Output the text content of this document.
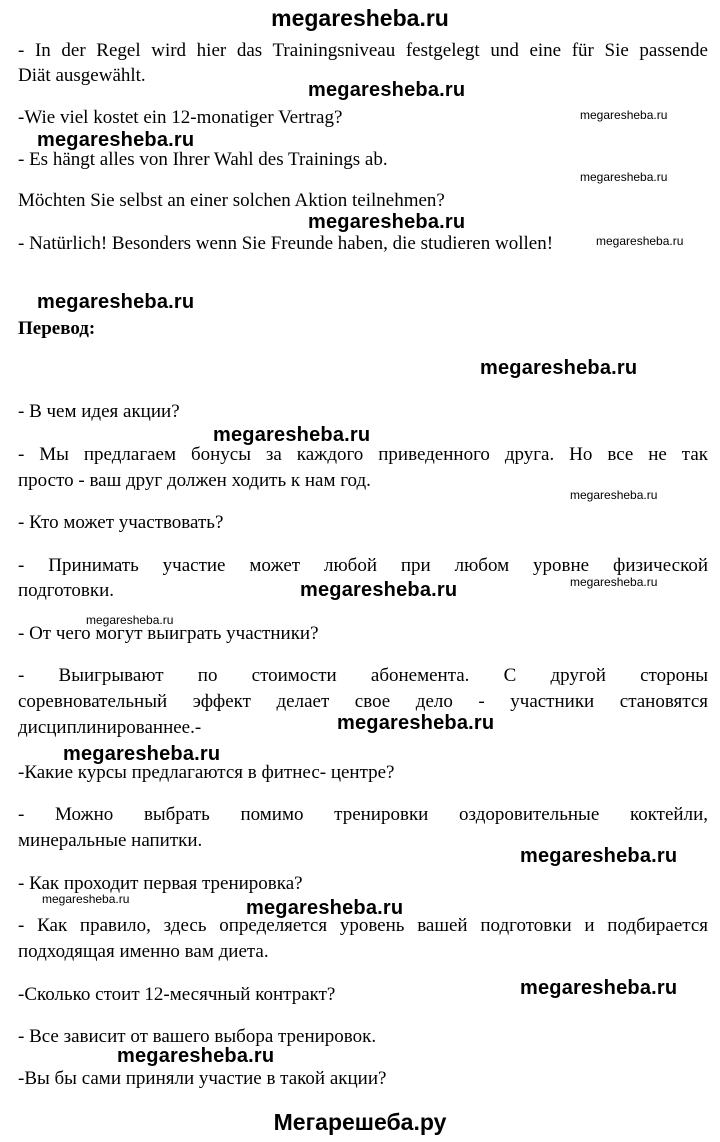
megaresheba.ru
- In der Regel wird hier das Trainingsniveau festgelegt und eine für Sie passende
Diät ausgewählt.
-Wie viel kostet ein 12-monatiger Vertrag?
- Es hängt alles von Ihrer Wahl des Trainings ab.
Möchten Sie selbst an einer solchen Aktion teilnehmen?
- Natürlich! Besonders wenn Sie Freunde haben, die studieren wollen!
Перевод:
- В чем идея акции?
- Мы предлагаем бонусы за каждого приведенного друга. Но все не так
просто - ваш друг должен ходить к нам год.
- Кто может участвовать?
- Принимать участие может любой при любом уровне физической
подготовки.
- От чего могут выиграть участники?
- Выигрывают по стоимости абонемента. С другой стороны
соревновательный эффект делает свое дело - участники становятся
дисциплинированнее.-
-Какие курсы предлагаются в фитнес- центре?
- Можно выбрать помимо тренировки оздоровительные коктейли,
минеральные напитки.
- Как проходит первая тренировка?
- Как правило, здесь определяется уровень вашей подготовки и подбирается
подходящая именно вам диета.
-Сколько стоит 12-месячный контракт?
- Все зависит от вашего выбора тренировок.
-Вы бы сами приняли участие в такой акции?
megaresheba.ru
megaresheba.ru
megaresheba.ru
megaresheba.ru
megaresheba.ru
megaresheba.ru
megaresheba.ru
megaresheba.ru
megaresheba.ru
megaresheba.ru
megaresheba.ru
megaresheba.ru
megaresheba.ru
megaresheba.ru
megaresheba.ru
megaresheba.ru
megaresheba.ru
megaresheba.ru
megaresheba.ru
megaresheba.ru
Мегарешеба.ру
